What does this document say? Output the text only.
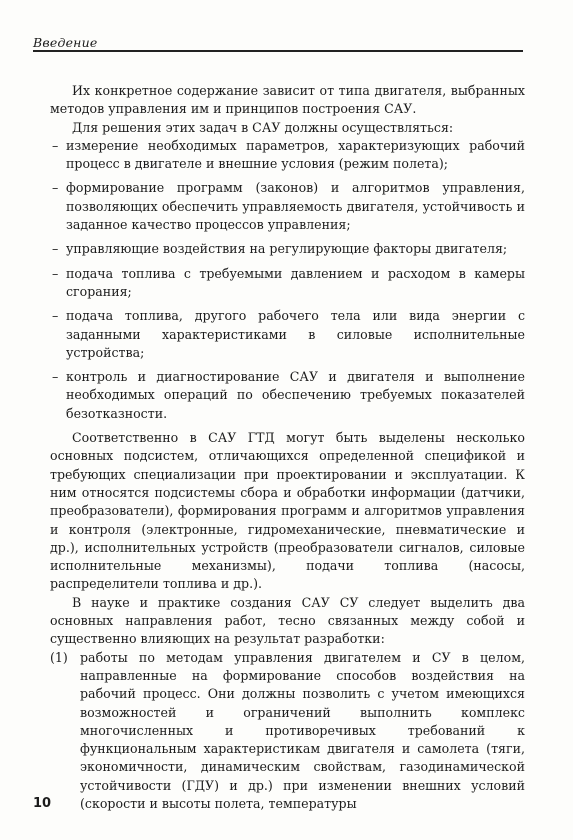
Введение

Их конкретное содержание зависит от типа двигателя, выбранных методов управления им и принципов построения САУ.

Для решения этих задач в САУ должны осуществляться:

– измерение необходимых параметров, характеризующих рабочий процесс в двигателе и внешние условия (режим полета);
– формирование программ (законов) и алгоритмов управления, позволяющих обеспечить управляемость двигателя, устойчивость и заданное качество процессов управления;
– управляющие воздействия на регулирующие факторы двигателя;
– подача топлива с требуемыми давлением и расходом в камеры сгорания;
– подача топлива, другого рабочего тела или вида энергии с заданными характеристиками в силовые исполнительные устройства;
– контроль и диагностирование САУ и двигателя и выполнение необходимых операций по обеспечению требуемых показателей безотказности.

Соответственно в САУ ГТД могут быть выделены несколько основных подсистем, отличающихся определенной спецификой и требующих специализации при проектировании и эксплуатации. К ним относятся подсистемы сбора и обработки информации (датчики, преобразователи), формирования программ и алгоритмов управления и контроля (электронные, гидромеханические, пневматические и др.), исполнительных устройств (преобразователи сигналов, силовые исполнительные механизмы), подачи топлива (насосы, распределители топлива и др.).

В науке и практике создания САУ СУ следует выделить два основных направления работ, тесно связанных между собой и существенно влияющих на результат разработки:

(1) работы по методам управления двигателем и СУ в целом, направленные на формирование способов воздействия на рабочий процесс. Они должны позволить с учетом имеющихся возможностей и ограничений выполнить комплекс многочисленных и противоречивых требований к функциональным характеристикам двигателя и самолета (тяги, экономичности, динамическим свойствам, газодинамической устойчивости (ГДУ) и др.) при изменении внешних условий (скорости и высоты полета, температуры
10
